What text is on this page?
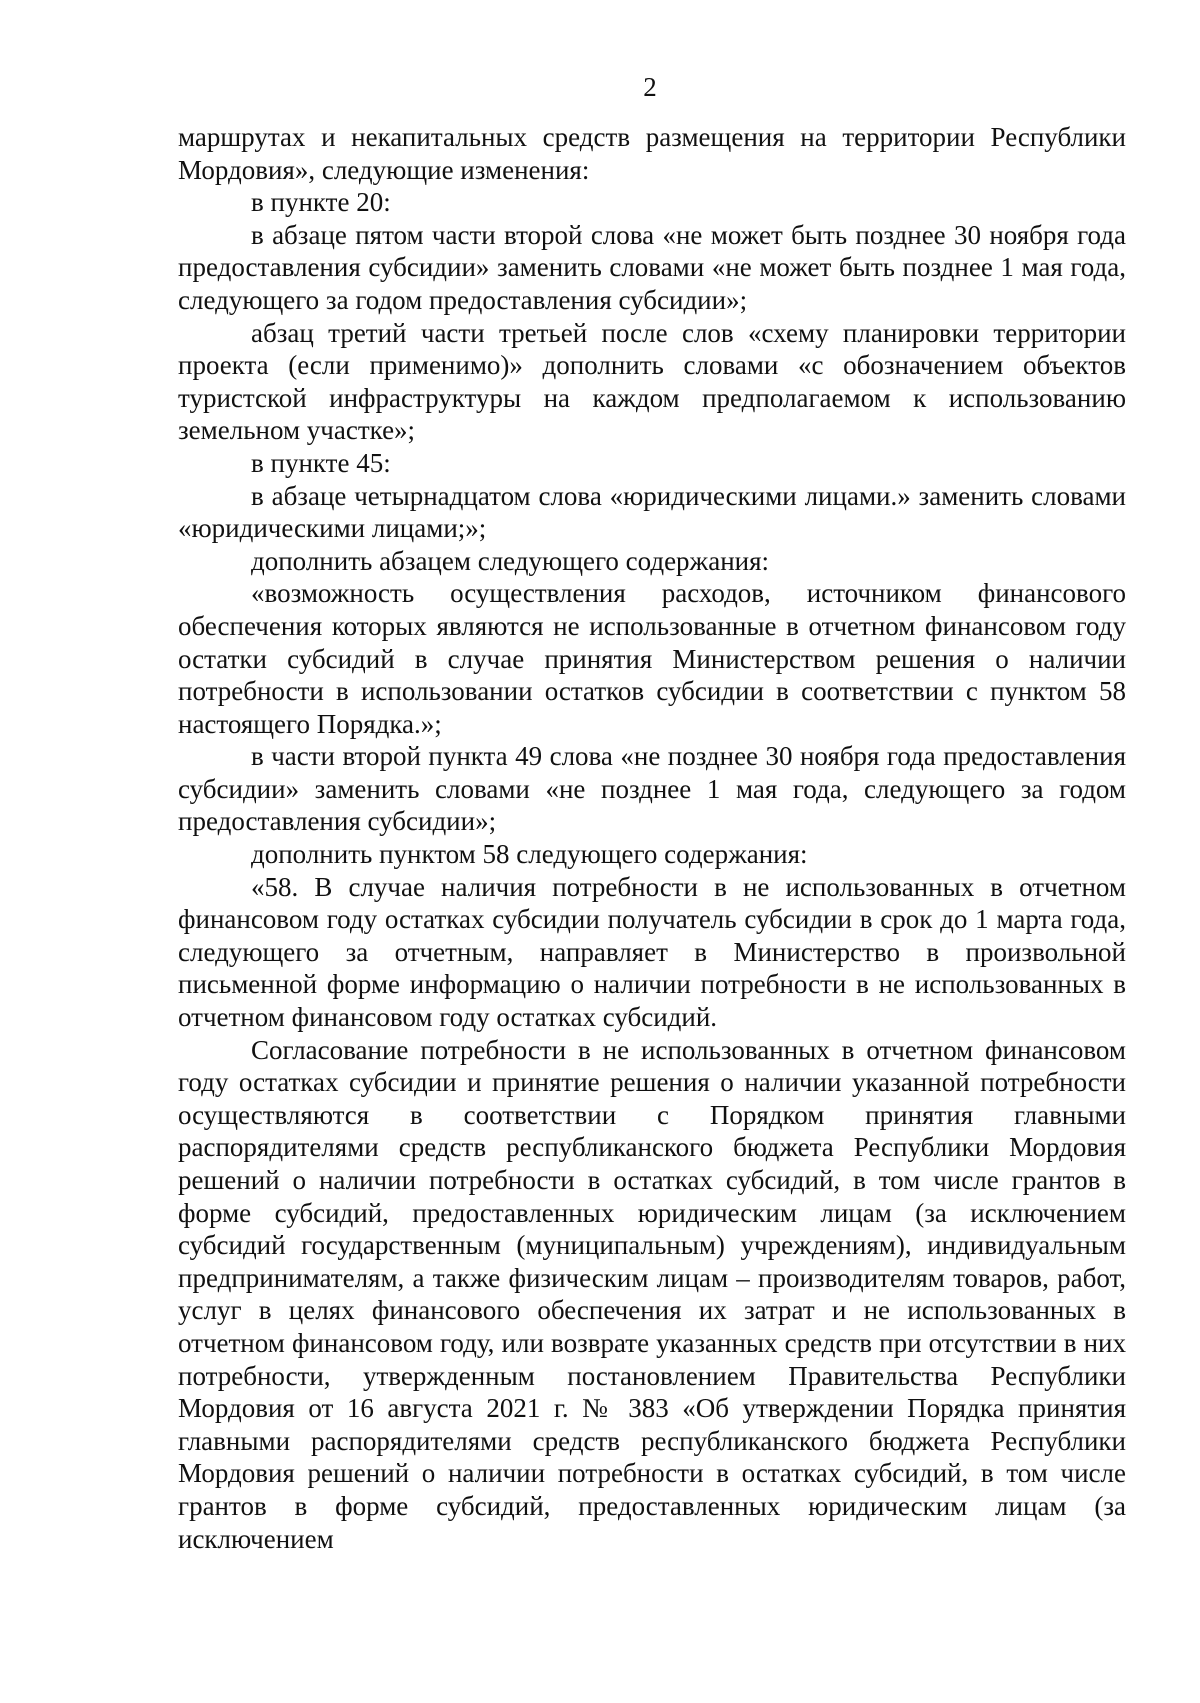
2

маршрутах и некапитальных средств размещения на территории Республики Мордовия», следующие изменения:

в пункте 20:

в абзаце пятом части второй слова «не может быть позднее 30 ноября года предоставления субсидии» заменить словами «не может быть позднее 1 мая года, следующего за годом предоставления субсидии»;

абзац третий части третьей после слов «схему планировки территории проекта (если применимо)» дополнить словами «с обозначением объектов туристской инфраструктуры на каждом предполагаемом к использованию земельном участке»;

в пункте 45:

в абзаце четырнадцатом слова «юридическими лицами.» заменить словами «юридическими лицами;»;

дополнить абзацем следующего содержания:

«возможность осуществления расходов, источником финансового обеспечения которых являются не использованные в отчетном финансовом году остатки субсидий в случае принятия Министерством решения о наличии потребности в использовании остатков субсидии в соответствии с пунктом 58 настоящего Порядка.»;

в части второй пункта 49 слова «не позднее 30 ноября года предоставления субсидии» заменить словами «не позднее 1 мая года, следующего за годом предоставления субсидии»;

дополнить пунктом 58 следующего содержания:

«58. В случае наличия потребности в не использованных в отчетном финансовом году остатках субсидии получатель субсидии в срок до 1 марта года, следующего за отчетным, направляет в Министерство в произвольной письменной форме информацию о наличии потребности в не использованных в отчетном финансовом году остатках субсидий.

Согласование потребности в не использованных в отчетном финансовом году остатках субсидии и принятие решения о наличии указанной потребности осуществляются в соответствии с Порядком принятия главными распорядителями средств республиканского бюджета Республики Мордовия решений о наличии потребности в остатках субсидий, в том числе грантов в форме субсидий, предоставленных юридическим лицам (за исключением субсидий государственным (муниципальным) учреждениям), индивидуальным предпринимателям, а также физическим лицам – производителям товаров, работ, услуг в целях финансового обеспечения их затрат и не использованных в отчетном финансовом году, или возврате указанных средств при отсутствии в них потребности, утвержденным постановлением Правительства Республики Мордовия от 16 августа 2021 г. № 383 «Об утверждении Порядка принятия главными распорядителями средств республиканского бюджета Республики Мордовия решений о наличии потребности в остатках субсидий, в том числе грантов в форме субсидий, предоставленных юридическим лицам (за исключением
